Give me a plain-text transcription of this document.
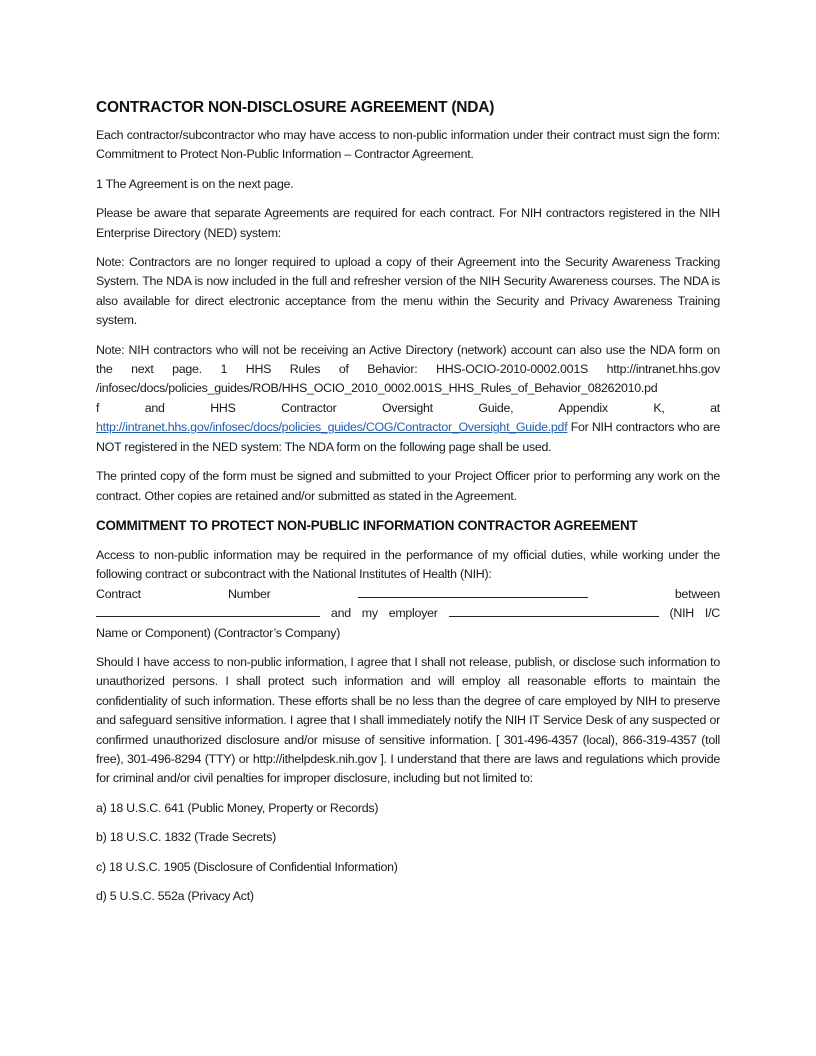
CONTRACTOR NON-DISCLOSURE AGREEMENT (NDA)

Each contractor/subcontractor who may have access to non-public information under their contract must sign the form: Commitment to Protect Non-Public Information – Contractor Agreement.

1 The Agreement is on the next page.

Please be aware that separate Agreements are required for each contract. For NIH contractors registered in the NIH Enterprise Directory (NED) system:

Note: Contractors are no longer required to upload a copy of their Agreement into the Security Awareness Tracking System. The NDA is now included in the full and refresher version of the NIH Security Awareness courses. The NDA is also available for direct electronic acceptance from the menu within the Security and Privacy Awareness Training system.

Note: NIH contractors who will not be receiving an Active Directory (network) account can also use the NDA form on the next page. 1 HHS Rules of Behavior: HHS-OCIO-2010-0002.001S http://intranet.hhs.gov /infosec/docs/policies_guides/ROB/HHS_OCIO_2010_0002.001S_HHS_Rules_of_Behavior_08262010.pd

f and HHS Contractor Oversight Guide, Appendix K, at

http://intranet.hhs.gov/infosec/docs/policies_guides/COG/Contractor_Oversight_Guide.pdf For NIH contractors who are NOT registered in the NED system: The NDA form on the following page shall be used.

The printed copy of the form must be signed and submitted to your Project Officer prior to performing any work on the contract. Other copies are retained and/or submitted as stated in the Agreement.

COMMITMENT TO PROTECT NON-PUBLIC INFORMATION CONTRACTOR AGREEMENT

Access to non-public information may be required in the performance of my official duties, while working under the following contract or subcontract with the National Institutes of Health (NIH):

Contract	Number	between

and my employer	(NIH I/C

Name or Component) (Contractor’s Company)

Should I have access to non-public information, I agree that I shall not release, publish, or disclose such information to unauthorized persons. I shall protect such information and will employ all reasonable efforts to maintain the confidentiality of such information. These efforts shall be no less than the degree of care employed by NIH to preserve and safeguard sensitive information. I agree that I shall immediately notify the NIH IT Service Desk of any suspected or confirmed unauthorized disclosure and/or misuse of sensitive information. [ 301-496-4357 (local), 866-319-4357 (toll free), 301-496-8294 (TTY) or http://ithelpdesk.nih.gov ]. I understand that there are laws and regulations which provide for criminal and/or civil penalties for improper disclosure, including but not limited to:

a) 18 U.S.C. 641 (Public Money, Property or Records)

b) 18 U.S.C. 1832 (Trade Secrets)

c) 18 U.S.C. 1905 (Disclosure of Confidential Information)

d) 5 U.S.C. 552a (Privacy Act)
